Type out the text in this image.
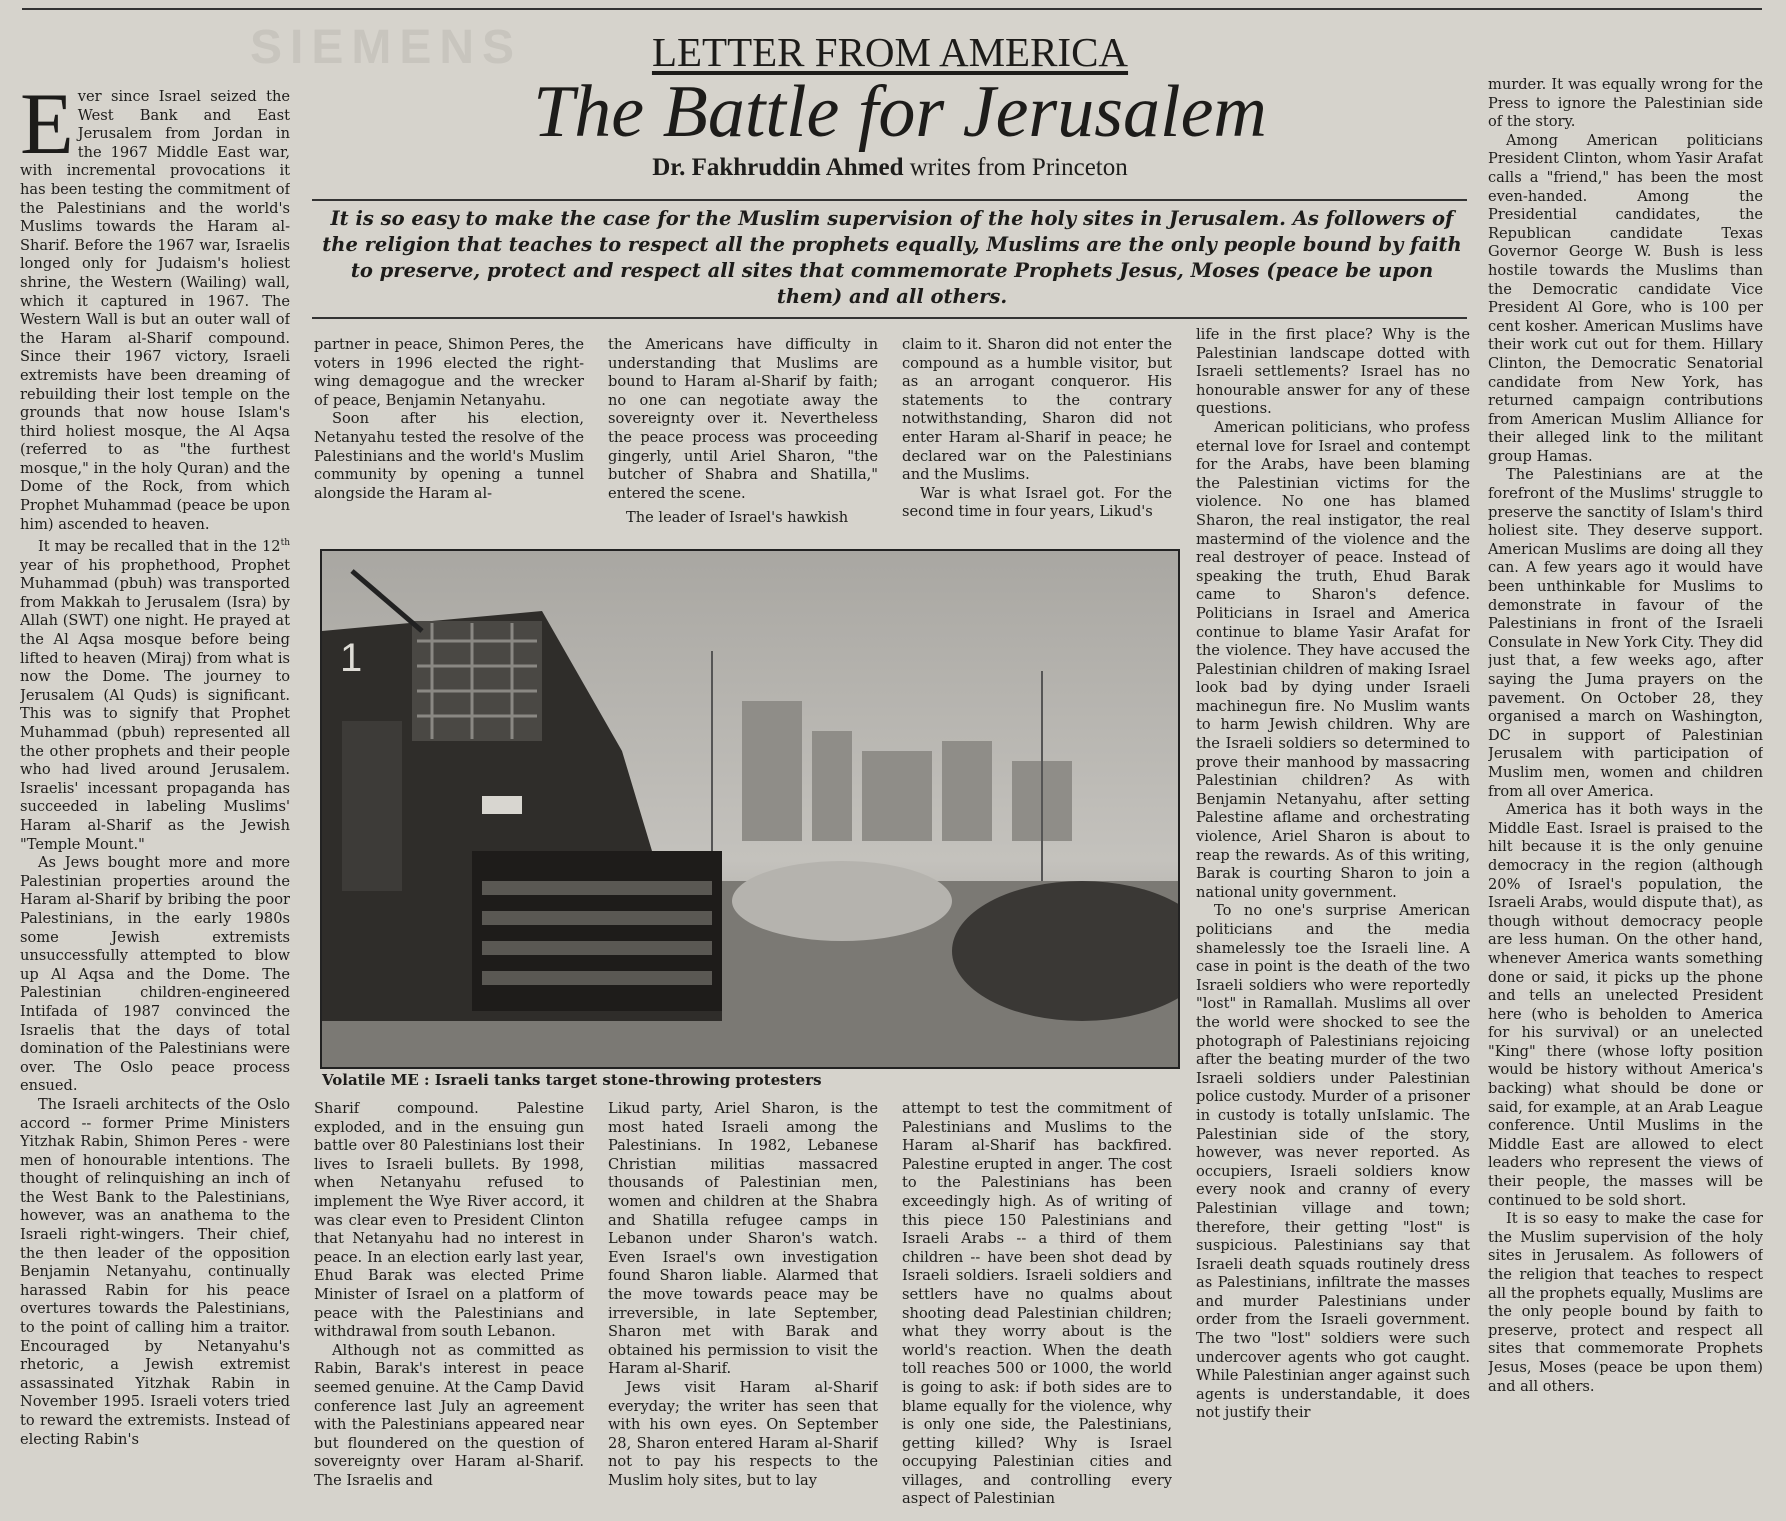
SIEMENS	LETTER FROM AMERICA
The Battle for Jerusalem
Dr. Fakhruddin Ahmed writes from Princeton
It is so easy to make the case for the Muslim supervision of the holy sites in Jerusalem. As followers of the religion that teaches to respect all the prophets equally, Muslims are the only people bound by faith to preserve, protect and respect all sites that commemorate Prophets Jesus, Moses (peace be upon them) and all others.

Ever since Israel seized the West Bank and East Jerusalem from Jordan in the 1967 Middle East war, with incremental provocations it has been testing the commitment of the Palestinians and the world's Muslims towards the Haram al-Sharif. Before the 1967 war, Israelis longed only for Judaism's holiest shrine, the Western (Wailing) wall, which it captured in 1967. The Western Wall is but an outer wall of the Haram al-Sharif compound. Since their 1967 victory, Israeli extremists have been dreaming of rebuilding their lost temple on the grounds that now house Islam's third holiest mosque, the Al Aqsa (referred to as "the furthest mosque," in the holy Quran) and the Dome of the Rock, from which Prophet Muhammad (peace be upon him) ascended to heaven.

It may be recalled that in the 12th year of his prophethood, Prophet Muhammad (pbuh) was transported from Makkah to Jerusalem (Isra) by Allah (SWT) one night. He prayed at the Al Aqsa mosque before being lifted to heaven (Miraj) from what is now the Dome. The journey to Jerusalem (Al Quds) is significant. This was to signify that Prophet Muhammad (pbuh) represented all the other prophets and their people who had lived around Jerusalem. Israelis' incessant propaganda has succeeded in labeling Muslims' Haram al-Sharif as the Jewish "Temple Mount."

As Jews bought more and more Palestinian properties around the Haram al-Sharif by bribing the poor Palestinians, in the early 1980s some Jewish extremists unsuccessfully attempted to blow up Al Aqsa and the Dome. The Palestinian children-engineered Intifada of 1987 convinced the Israelis that the days of total domination of the Palestinians were over. The Oslo peace process ensued.

The Israeli architects of the Oslo accord -- former Prime Ministers Yitzhak Rabin, Shimon Peres - were men of honourable intentions. The thought of relinquishing an inch of the West Bank to the Palestinians, however, was an anathema to the Israeli right-wingers. Their chief, the then leader of the opposition Benjamin Netanyahu, continually harassed Rabin for his peace overtures towards the Palestinians, to the point of calling him a traitor. Encouraged by Netanyahu's rhetoric, a Jewish extremist assassinated Yitzhak Rabin in November 1995. Israeli voters tried to reward the extremists. Instead of electing Rabin's

partner in peace, Shimon Peres, the voters in 1996 elected the right-wing demagogue and the wrecker of peace, Benjamin Netanyahu.

Soon after his election, Netanyahu tested the resolve of the Palestinians and the world's Muslim community by opening a tunnel alongside the Haram al-

the Americans have difficulty in understanding that Muslims are bound to Haram al-Sharif by faith; no one can negotiate away the sovereignty over it. Nevertheless the peace process was proceeding gingerly, until Ariel Sharon, "the butcher of Shabra and Shatilla," entered the scene.

The leader of Israel's hawkish

claim to it. Sharon did not enter the compound as a humble visitor, but as an arrogant conqueror. His statements to the contrary notwithstanding, Sharon did not enter Haram al-Sharif in peace; he declared war on the Palestinians and the Muslims.

War is what Israel got. For the second time in four years, Likud's

1
Volatile ME : Israeli tanks target stone-throwing protesters

Sharif compound. Palestine exploded, and in the ensuing gun battle over 80 Palestinians lost their lives to Israeli bullets. By 1998, when Netanyahu refused to implement the Wye River accord, it was clear even to President Clinton that Netanyahu had no interest in peace. In an election early last year, Ehud Barak was elected Prime Minister of Israel on a platform of peace with the Palestinians and withdrawal from south Lebanon.

Although not as committed as Rabin, Barak's interest in peace seemed genuine. At the Camp David conference last July an agreement with the Palestinians appeared near but floundered on the question of sovereignty over Haram al-Sharif. The Israelis and

Likud party, Ariel Sharon, is the most hated Israeli among the Palestinians. In 1982, Lebanese Christian militias massacred thousands of Palestinian men, women and children at the Shabra and Shatilla refugee camps in Lebanon under Sharon's watch. Even Israel's own investigation found Sharon liable. Alarmed that the move towards peace may be irreversible, in late September, Sharon met with Barak and obtained his permission to visit the Haram al-Sharif.

Jews visit Haram al-Sharif everyday; the writer has seen that with his own eyes. On September 28, Sharon entered Haram al-Sharif not to pay his respects to the Muslim holy sites, but to lay

attempt to test the commitment of Palestinians and Muslims to the Haram al-Sharif has backfired. Palestine erupted in anger. The cost to the Palestinians has been exceedingly high. As of writing of this piece 150 Palestinians and Israeli Arabs -- a third of them children -- have been shot dead by Israeli soldiers. Israeli soldiers and settlers have no qualms about shooting dead Palestinian children; what they worry about is the world's reaction. When the death toll reaches 500 or 1000, the world is going to ask: if both sides are to blame equally for the violence, why is only one side, the Palestinians, getting killed? Why is Israel occupying Palestinian cities and villages, and controlling every aspect of Palestinian

life in the first place? Why is the Palestinian landscape dotted with Israeli settlements? Israel has no honourable answer for any of these questions.

American politicians, who profess eternal love for Israel and contempt for the Arabs, have been blaming the Palestinian victims for the violence. No one has blamed Sharon, the real instigator, the real mastermind of the violence and the real destroyer of peace. Instead of speaking the truth, Ehud Barak came to Sharon's defence. Politicians in Israel and America continue to blame Yasir Arafat for the violence. They have accused the Palestinian children of making Israel look bad by dying under Israeli machinegun fire. No Muslim wants to harm Jewish children. Why are the Israeli soldiers so determined to prove their manhood by massacring Palestinian children? As with Benjamin Netanyahu, after setting Palestine aflame and orchestrating violence, Ariel Sharon is about to reap the rewards. As of this writing, Barak is courting Sharon to join a national unity government.

To no one's surprise American politicians and the media shamelessly toe the Israeli line. A case in point is the death of the two Israeli soldiers who were reportedly "lost" in Ramallah. Muslims all over the world were shocked to see the photograph of Palestinians rejoicing after the beating murder of the two Israeli soldiers under Palestinian police custody. Murder of a prisoner in custody is totally unIslamic. The Palestinian side of the story, however, was never reported. As occupiers, Israeli soldiers know every nook and cranny of every Palestinian village and town; therefore, their getting "lost" is suspicious. Palestinians say that Israeli death squads routinely dress as Palestinians, infiltrate the masses and murder Palestinians under order from the Israeli government. The two "lost" soldiers were such undercover agents who got caught. While Palestinian anger against such agents is understandable, it does not justify their

murder. It was equally wrong for the Press to ignore the Palestinian side of the story.

Among American politicians President Clinton, whom Yasir Arafat calls a "friend," has been the most even-handed. Among the Presidential candidates, the Republican candidate Texas Governor George W. Bush is less hostile towards the Muslims than the Democratic candidate Vice President Al Gore, who is 100 per cent kosher. American Muslims have their work cut out for them. Hillary Clinton, the Democratic Senatorial candidate from New York, has returned campaign contributions from American Muslim Alliance for their alleged link to the militant group Hamas.

The Palestinians are at the forefront of the Muslims' struggle to preserve the sanctity of Islam's third holiest site. They deserve support. American Muslims are doing all they can. A few years ago it would have been unthinkable for Muslims to demonstrate in favour of the Palestinians in front of the Israeli Consulate in New York City. They did just that, a few weeks ago, after saying the Juma prayers on the pavement. On October 28, they organised a march on Washington, DC in support of Palestinian Jerusalem with participation of Muslim men, women and children from all over America.

America has it both ways in the Middle East. Israel is praised to the hilt because it is the only genuine democracy in the region (although 20% of Israel's population, the Israeli Arabs, would dispute that), as though without democracy people are less human. On the other hand, whenever America wants something done or said, it picks up the phone and tells an unelected President here (who is beholden to America for his survival) or an unelected "King" there (whose lofty position would be history without America's backing) what should be done or said, for example, at an Arab League conference. Until Muslims in the Middle East are allowed to elect leaders who represent the views of their people, the masses will be continued to be sold short.

It is so easy to make the case for the Muslim supervision of the holy sites in Jerusalem. As followers of the religion that teaches to respect all the prophets equally, Muslims are the only people bound by faith to preserve, protect and respect all sites that commemorate Prophets Jesus, Moses (peace be upon them) and all others.
